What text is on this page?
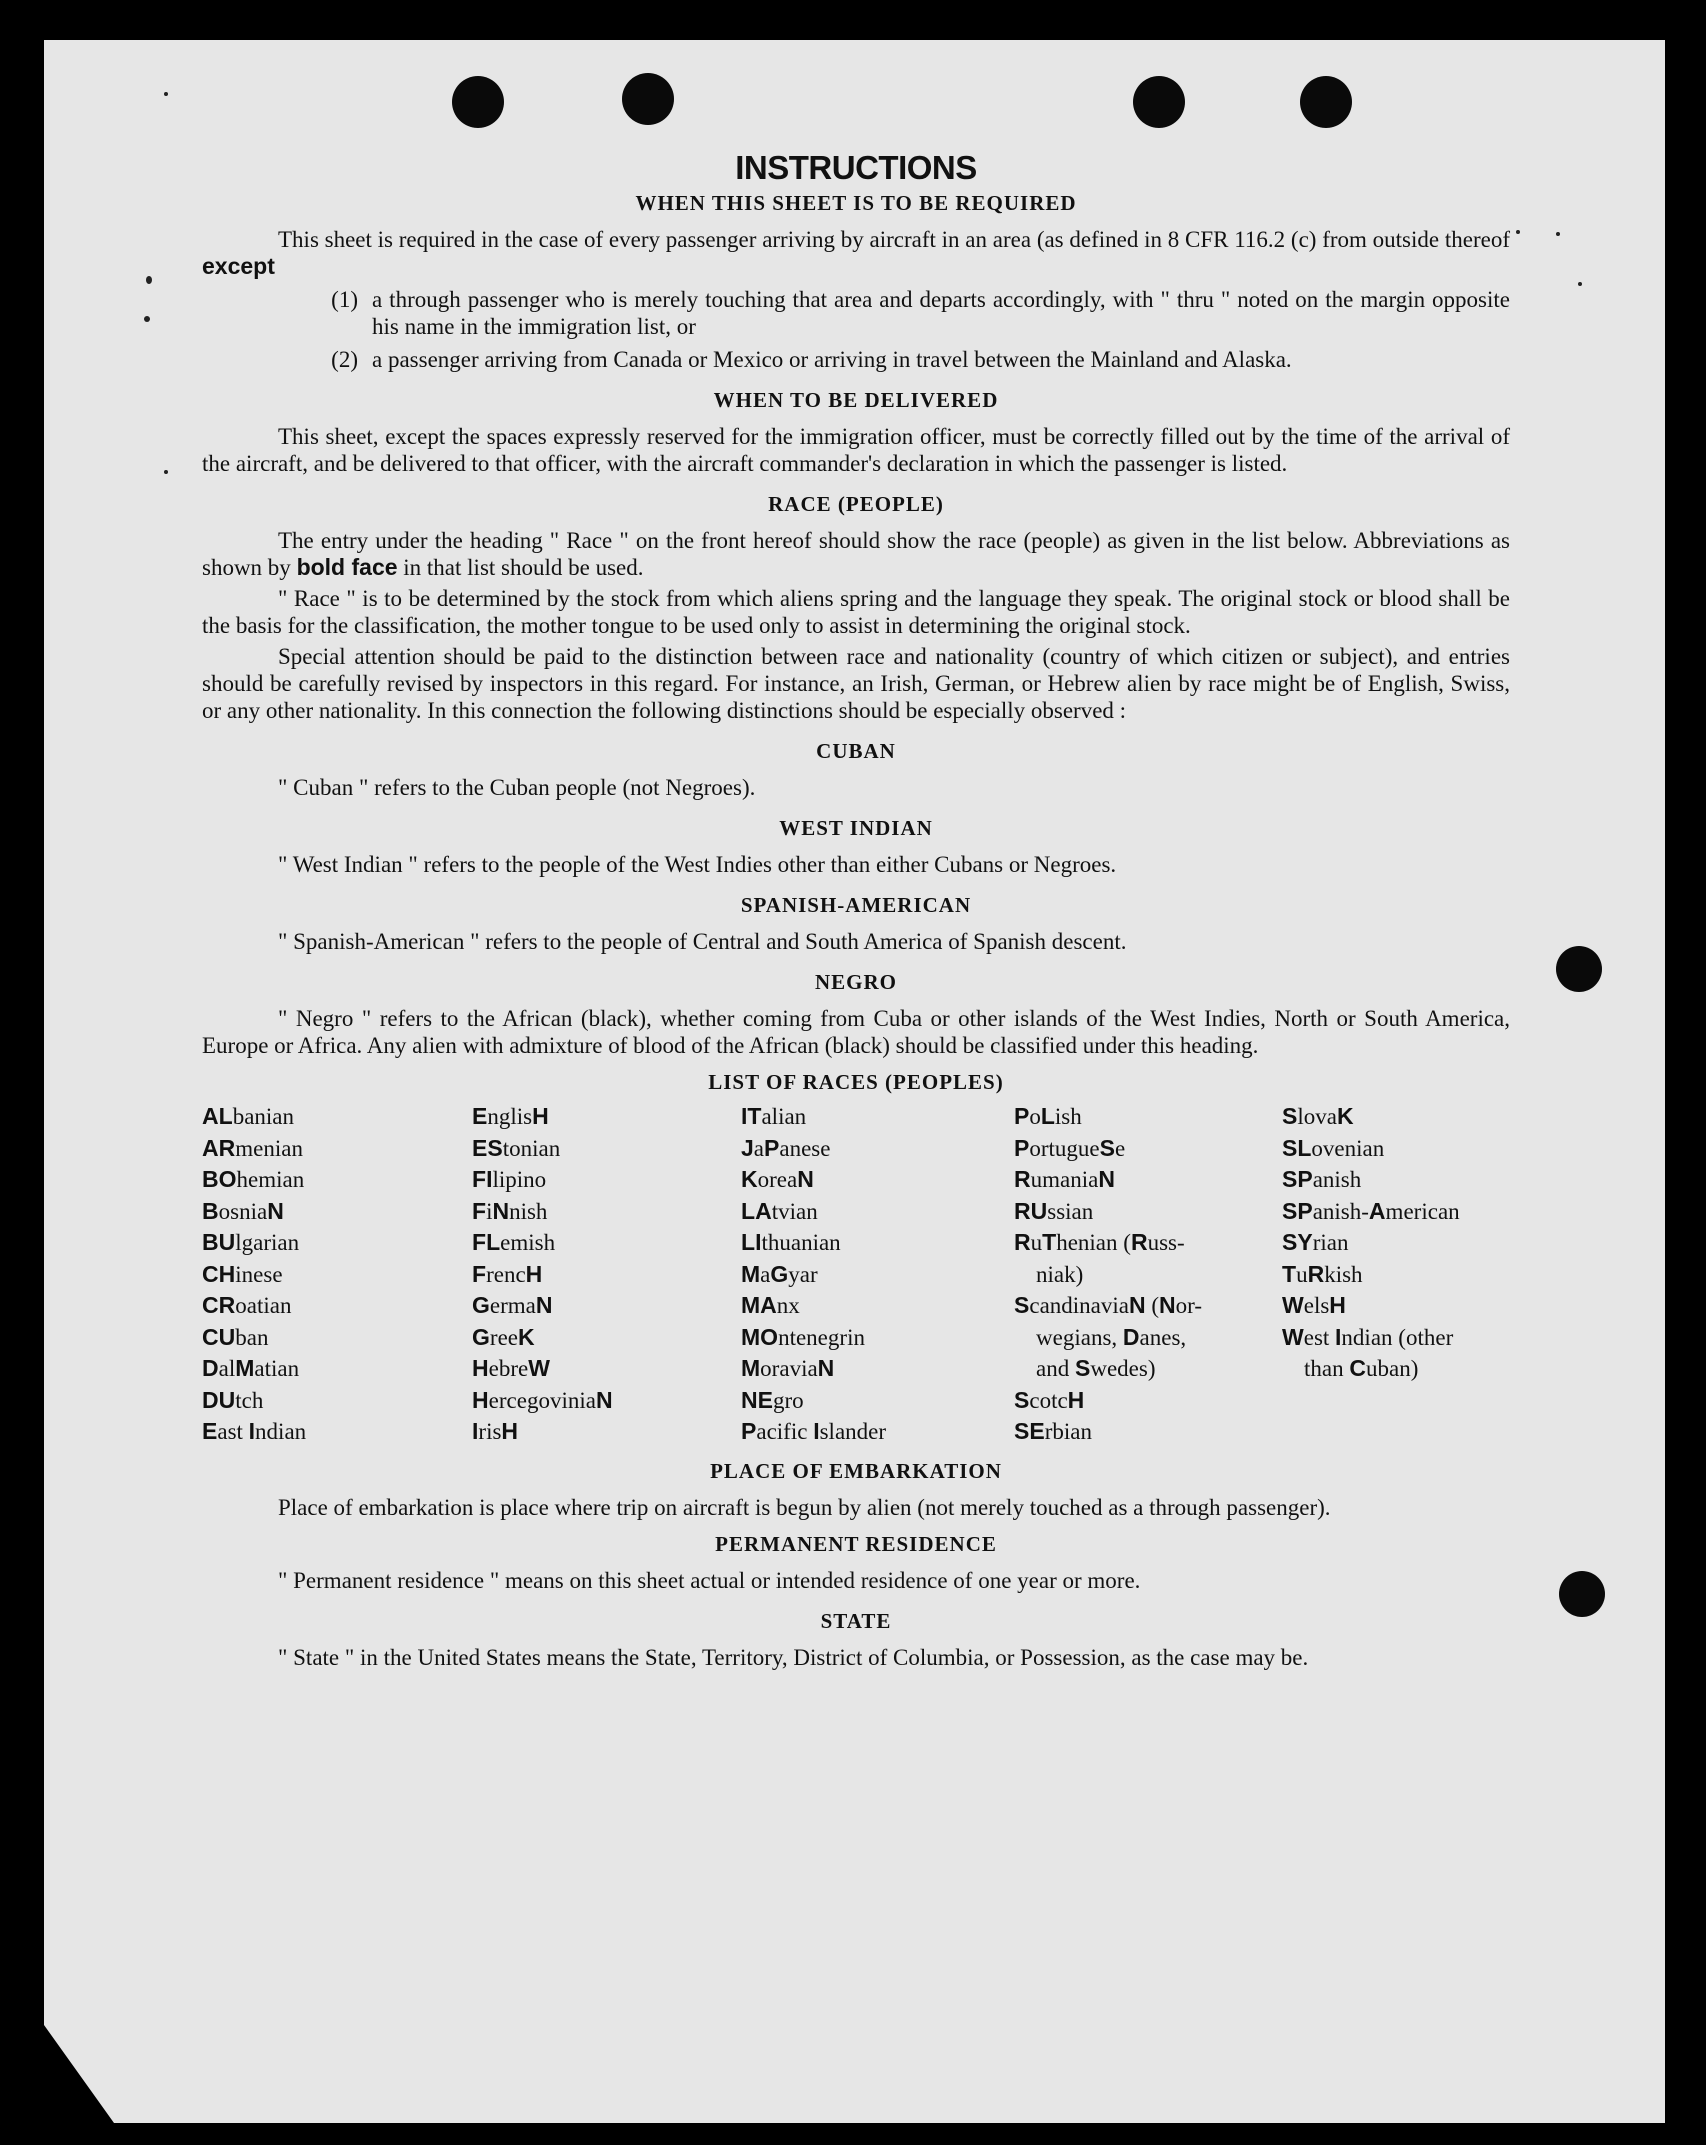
INSTRUCTIONS
WHEN THIS SHEET IS TO BE REQUIRED

This sheet is required in the case of every passenger arriving by aircraft in an area (as defined in 8 CFR 116.2 (c) from outside thereof except

(1) a through passenger who is merely touching that area and departs accordingly, with " thru " noted on the margin opposite his name in the immigration list, or
(2) a passenger arriving from Canada or Mexico or arriving in travel between the Mainland and Alaska.
WHEN TO BE DELIVERED

This sheet, except the spaces expressly reserved for the immigration officer, must be correctly filled out by the time of the arrival of the aircraft, and be delivered to that officer, with the aircraft commander's declaration in which the passenger is listed.

RACE (PEOPLE)

The entry under the heading " Race " on the front hereof should show the race (people) as given in the list below. Abbreviations as shown by bold face in that list should be used.

" Race " is to be determined by the stock from which aliens spring and the language they speak. The original stock or blood shall be the basis for the classification, the mother tongue to be used only to assist in determining the original stock.

Special attention should be paid to the distinction between race and nationality (country of which citizen or subject), and entries should be carefully revised by inspectors in this regard. For instance, an Irish, German, or Hebrew alien by race might be of English, Swiss, or any other nationality. In this connection the following distinctions should be especially observed :

CUBAN

" Cuban " refers to the Cuban people (not Negroes).

WEST INDIAN

" West Indian " refers to the people of the West Indies other than either Cubans or Negroes.

SPANISH-AMERICAN

" Spanish-American " refers to the people of Central and South America of Spanish descent.

NEGRO

" Negro " refers to the African (black), whether coming from Cuba or other islands of the West Indies, North or South America, Europe or Africa. Any alien with admixture of blood of the African (black) should be classified under this heading.

LIST OF RACES (PEOPLES)
ALbanian
ARmenian
BOhemian
BosniaN
BUlgarian
CHinese
CRoatian
CUban
DalMatian
DUtch
East Indian
EnglisH
EStonian
FIlipino
FiNnish
FLemish
FrencH
GermaN
GreeK
HebreW
HercegoviniaN
IrisH
ITalian
JaPanese
KoreaN
LAtvian
LIthuanian
MaGyar
MAnx
MOntenegrin
MoraviaN
NEgro
Pacific Islander
PoLish
PortugueSe
RumaniaN
RUssian
RuThenian (Russ-
niak)
ScandinaviaN (Nor-
wegians, Danes,
and Swedes)
ScotcH
SErbian
SlovaK
SLovenian
SPanish
SPanish-American
SYrian
TuRkish
WelsH
West Indian (other
than Cuban)
PLACE OF EMBARKATION

Place of embarkation is place where trip on aircraft is begun by alien (not merely touched as a through passenger).

PERMANENT RESIDENCE

" Permanent residence " means on this sheet actual or intended residence of one year or more.

STATE

" State " in the United States means the State, Territory, District of Columbia, or Possession, as the case may be.
